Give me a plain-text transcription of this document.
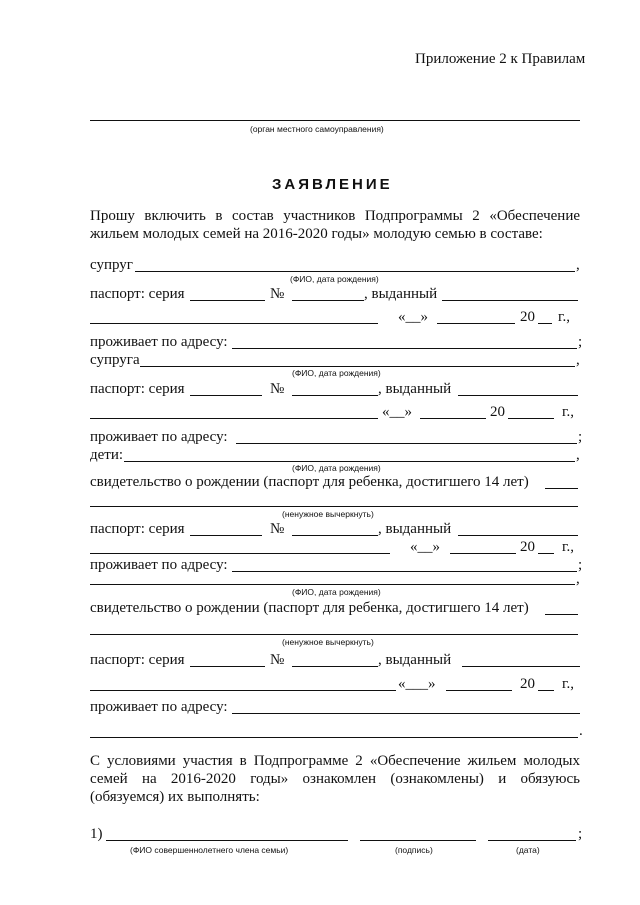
Приложение 2 к Правилам
(орган местного самоуправления)
ЗАЯВЛЕНИЕ
Прошу включить в состав участников Подпрограммы 2 «Обеспечение жильем молодых семей на 2016-2020 годы» молодую семью в составе:
супруг	,
(ФИО, дата рождения)
паспорт: серия	№	, выданный
«__»	20 г.,
проживает по адресу:	;
супруга	,
(ФИО, дата рождения)
паспорт: серия	№	, выданный
«__»	20	г.,
проживает по адресу:	;
дети:	,
(ФИО, дата рождения)
свидетельство о рождении (паспорт для ребенка, достигшего 14 лет)
(ненужное вычеркнуть)
паспорт: серия	№	, выданный
«__»	20 г.,
проживает по адресу:	;
,
(ФИО, дата рождения)
свидетельство о рождении (паспорт для ребенка, достигшего 14 лет)
(ненужное вычеркнуть)
паспорт: серия	№	, выданный
«___»	20 г.,
проживает по адресу:
.
С условиями участия в Подпрограмме 2 «Обеспечение жильем молодых семей на 2016-2020 годы» ознакомлен (ознакомлены) и обязуюсь (обязуемся) их выполнять:
1)	;
(ФИО совершеннолетнего члена семьи)	(подпись)	(дата)
